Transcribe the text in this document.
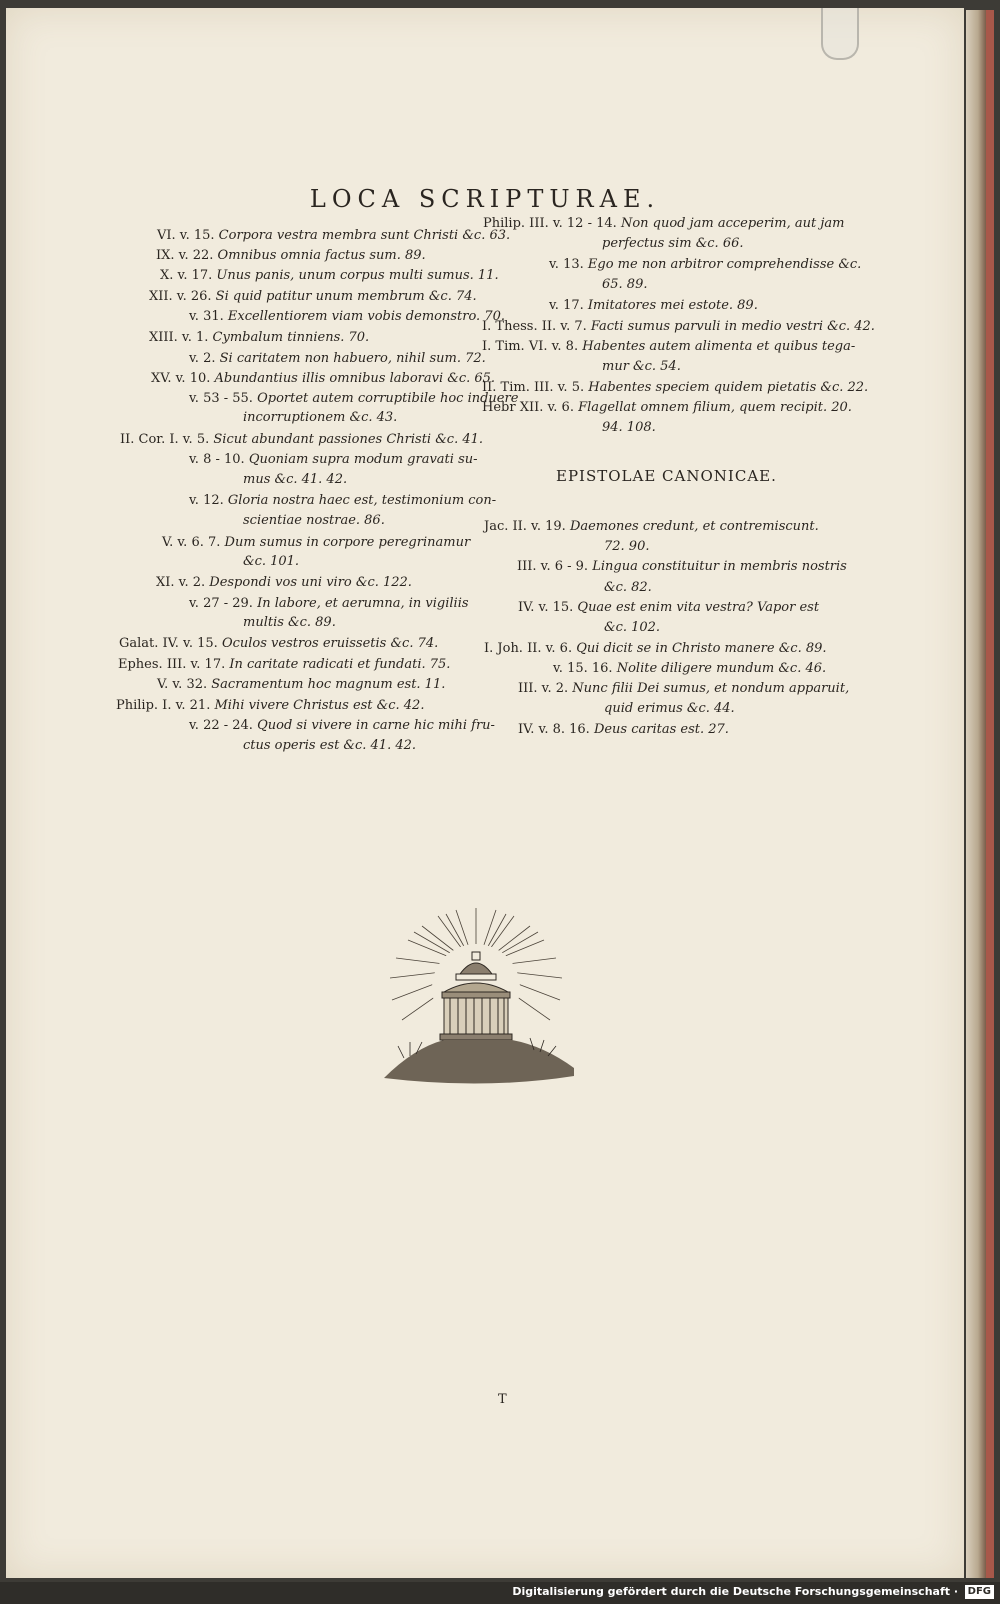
LOCA SCRIPTURAE.
VI. v. 15. Corpora vestra membra sunt Christi &c. 63.
IX. v. 22. Omnibus omnia factus sum. 89.
X. v. 17. Unus panis, unum corpus multi sumus. 11.
XII. v. 26. Si quid patitur unum membrum &c. 74.
v. 31. Excellentiorem viam vobis demonstro. 70.
XIII. v. 1. Cymbalum tinniens. 70.
v. 2. Si caritatem non habuero, nihil sum. 72.
XV. v. 10. Abundantius illis omnibus laboravi &c. 65.
v. 53 - 55. Oportet autem corruptibile hoc induere
incorruptionem &c. 43.
II. Cor. I. v. 5. Sicut abundant passiones Christi &c. 41.
v. 8 - 10. Quoniam supra modum gravati su-
mus &c. 41. 42.
v. 12. Gloria nostra haec est, testimonium con-
scientiae nostrae. 86.
V. v. 6. 7. Dum sumus in corpore peregrinamur
&c. 101.
XI. v. 2. Despondi vos uni viro &c. 122.
v. 27 - 29. In labore, et aerumna, in vigiliis
multis &c. 89.
Galat. IV. v. 15. Oculos vestros eruissetis &c. 74.
Ephes. III. v. 17. In caritate radicati et fundati. 75.
V. v. 32. Sacramentum hoc magnum est. 11.
Philip. I. v. 21. Mihi vivere Christus est &c. 42.
v. 22 - 24. Quod si vivere in carne hic mihi fru-
ctus operis est &c. 41. 42.
Philip. III. v. 12 - 14. Non quod jam acceperim, aut jam
perfectus sim &c. 66.
v. 13. Ego me non arbitror comprehendisse &c.
65. 89.
v. 17. Imitatores mei estote. 89.
I. Thess. II. v. 7. Facti sumus parvuli in medio vestri &c. 42.
I. Tim. VI. v. 8. Habentes autem alimenta et quibus tega-
mur &c. 54.
II. Tim. III. v. 5. Habentes speciem quidem pietatis &c. 22.
Hebr XII. v. 6. Flagellat omnem filium, quem recipit. 20.
94. 108.
EPISTOLAE CANONICAE.
Jac. II. v. 19. Daemones credunt, et contremiscunt.
72. 90.
III. v. 6 - 9. Lingua constituitur in membris nostris
&c. 82.
IV. v. 15. Quae est enim vita vestra? Vapor est
&c. 102.
I. Joh. II. v. 6. Qui dicit se in Christo manere &c. 89.
v. 15. 16. Nolite diligere mundum &c. 46.
III. v. 2. Nunc filii Dei sumus, et nondum apparuit,
quid erimus &c. 44.
IV. v. 8. 16. Deus caritas est. 27.
T
Digitalisierung gefördert durch die Deutsche Forschungsgemeinschaft · DFG
